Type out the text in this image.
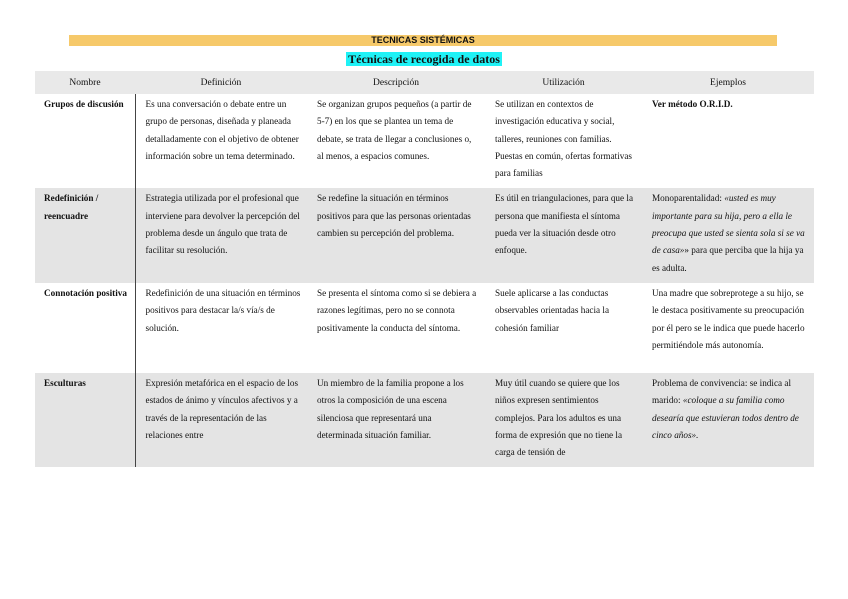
TECNICAS SISTÉMICAS
Técnicas de recogida de datos
Nombre	Definición	Descripción	Utilización	Ejemplos
Grupos de discusión	Es una conversación o debate entre un grupo de personas, diseñada y planeada detalladamente con el objetivo de obtener información sobre un tema determinado.	Se organizan grupos pequeños (a partir de 5-7) en los que se plantea un tema de debate, se trata de llegar a conclusiones o, al menos, a espacios comunes.	Se utilizan en contextos de investigación educativa y social, talleres, reuniones con familias. Puestas en común, ofertas formativas para familias	Ver método O.R.I.D.
Redefinición / reencuadre	Estrategia utilizada por el profesional que interviene para devolver la percepción del problema desde un ángulo que trata de facilitar su resolución.	Se redefine la situación en términos positivos para que las personas orientadas cambien su percepción del problema.	Es útil en triangulaciones, para que la persona que manifiesta el síntoma pueda ver la situación desde otro enfoque.	Monoparentalidad: «usted es muy importante para su hija, pero a ella le preocupa que usted se sienta sola si se va de casa»» para que perciba que la hija ya es adulta.
Connotación positiva	Redefinición de una situación en términos positivos para destacar la/s vía/s de solución.	Se presenta el síntoma como si se debiera a razones legítimas, pero no se connota positivamente la conducta del síntoma.	Suele aplicarse a las conductas observables orientadas hacia la cohesión familiar	Una madre que sobreprotege a su hijo, se le destaca positivamente su preocupación por él pero se le indica que puede hacerlo permitiéndole más autonomía.
Esculturas	Expresión metafórica en el espacio de los estados de ánimo y vínculos afectivos y a través de la representación de las relaciones entre	Un miembro de la familia propone a los otros la composición de una escena silenciosa que representará una determinada situación familiar.	Muy útil cuando se quiere que los niños expresen sentimientos complejos. Para los adultos es una forma de expresión que no tiene la carga de tensión de	Problema de convivencia: se indica al marido: «coloque a su familia como desearía que estuvieran todos dentro de cinco años».
